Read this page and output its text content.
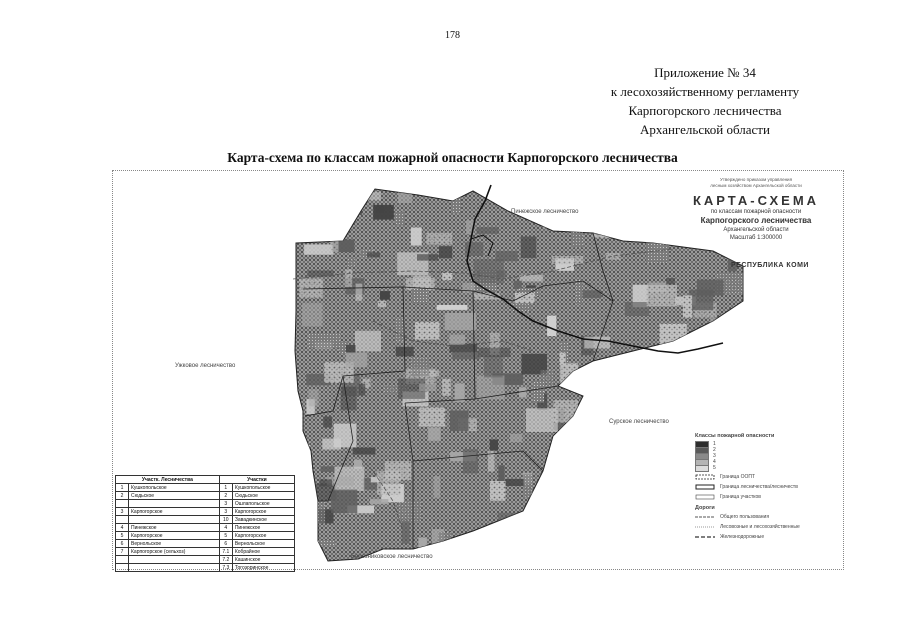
178
Приложение № 34
к лесохозяйственному регламенту
Карпогорского лесничества
Архангельской области
Карта-схема по классам пожарной опасности Карпогорского лесничества
Утверждено приказом управления
лесным хозяйством Архангельской области
КАРТА-СХЕМА
по классам пожарной опасности
Карпогорского лесничества
Архангельской области
Масштаб 1:300000
Пинежское лесничество
РЕСПУБЛИКА КОМИ
Ужковое лесничество
Сурское лесничество
Березниковское лесничество
Классы пожарной опасности
1
2
3
4
5
Граница ООПТ
Граница лесничества/лесничеств
Граница участков
Дороги
Общего пользования
Лесовозные и лесохозяйственные
Железнодорожные
Участк. Лесничества		Участки	
1	Кушкопольское	1	Кушкопольское
2	Сюдьское	2	Сюдьское
		3	Ошлапольское
3	Карпогорское	3	Карпогорское
		10	Завадкинское
4	Пинежское	4	Пинежское
5	Карпогорское	5	Карпогорское
6	Вернольское	6	Вернольское
7	Карпогорское (сельхоз)	7.1	Кобрайное
		7.2	Кашинское
		7.3	Тогозоринское
